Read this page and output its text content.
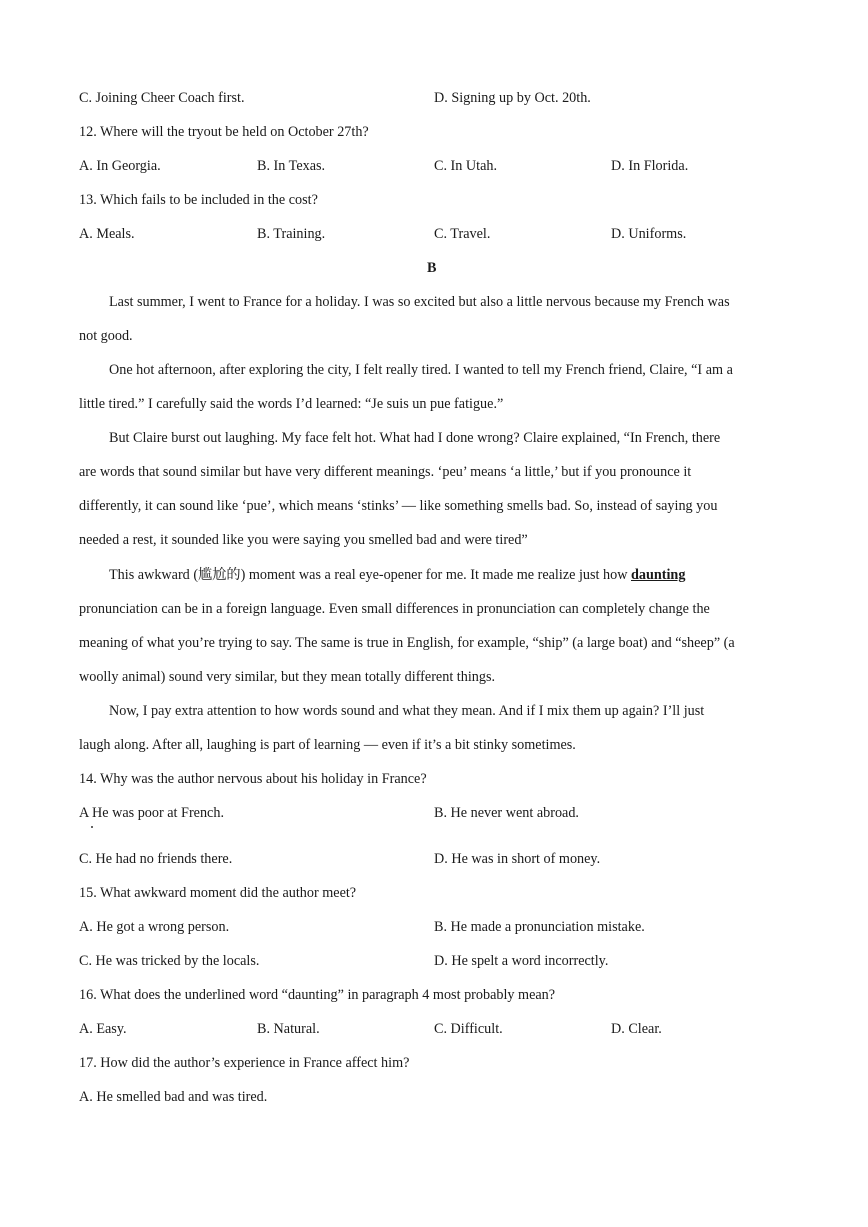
C. Joining Cheer Coach first.	D. Signing up by Oct. 20th.
12. Where will the tryout be held on October 27th?
A. In Georgia.	B. In Texas.	C. In Utah.	D. In Florida.
13. Which fails to be included in the cost?
A. Meals.	B. Training.	C. Travel.	D. Uniforms.
B
Last summer, I went to France for a holiday. I was so excited but also a little nervous because my French was
not good.
One hot afternoon, after exploring the city, I felt really tired. I wanted to tell my French friend, Claire, “I am a
little tired.” I carefully said the words I’d learned: “Je suis un pue fatigue.”
But Claire burst out laughing. My face felt hot. What had I done wrong? Claire explained, “In French, there
are words that sound similar but have very different meanings. ‘peu’ means ‘a little,’ but if you pronounce it
differently, it can sound like ‘pue’, which means ‘stinks’ — like something smells bad. So, instead of saying you
needed a rest, it sounded like you were saying you smelled bad and were tired”
This awkward (尴尬的) moment was a real eye-opener for me. It made me realize just how daunting
pronunciation can be in a foreign language. Even small differences in pronunciation can completely change the
meaning of what you’re trying to say. The same is true in English, for example, “ship” (a large boat) and “sheep” (a
woolly animal) sound very similar, but they mean totally different things.
Now, I pay extra attention to how words sound and what they mean. And if I mix them up again? I’ll just
laugh along. After all, laughing is part of learning — even if it’s a bit stinky sometimes.
14. Why was the author nervous about his holiday in France?
A He was poor at French.	B. He never went abroad.
C. He had no friends there.	D. He was in short of money.
15. What awkward moment did the author meet?
A. He got a wrong person.	B. He made a pronunciation mistake.
C. He was tricked by the locals.	D. He spelt a word incorrectly.
16. What does the underlined word “daunting” in paragraph 4 most probably mean?
A. Easy.	B. Natural.	C. Difficult.	D. Clear.
17. How did the author’s experience in France affect him?
A. He smelled bad and was tired.
